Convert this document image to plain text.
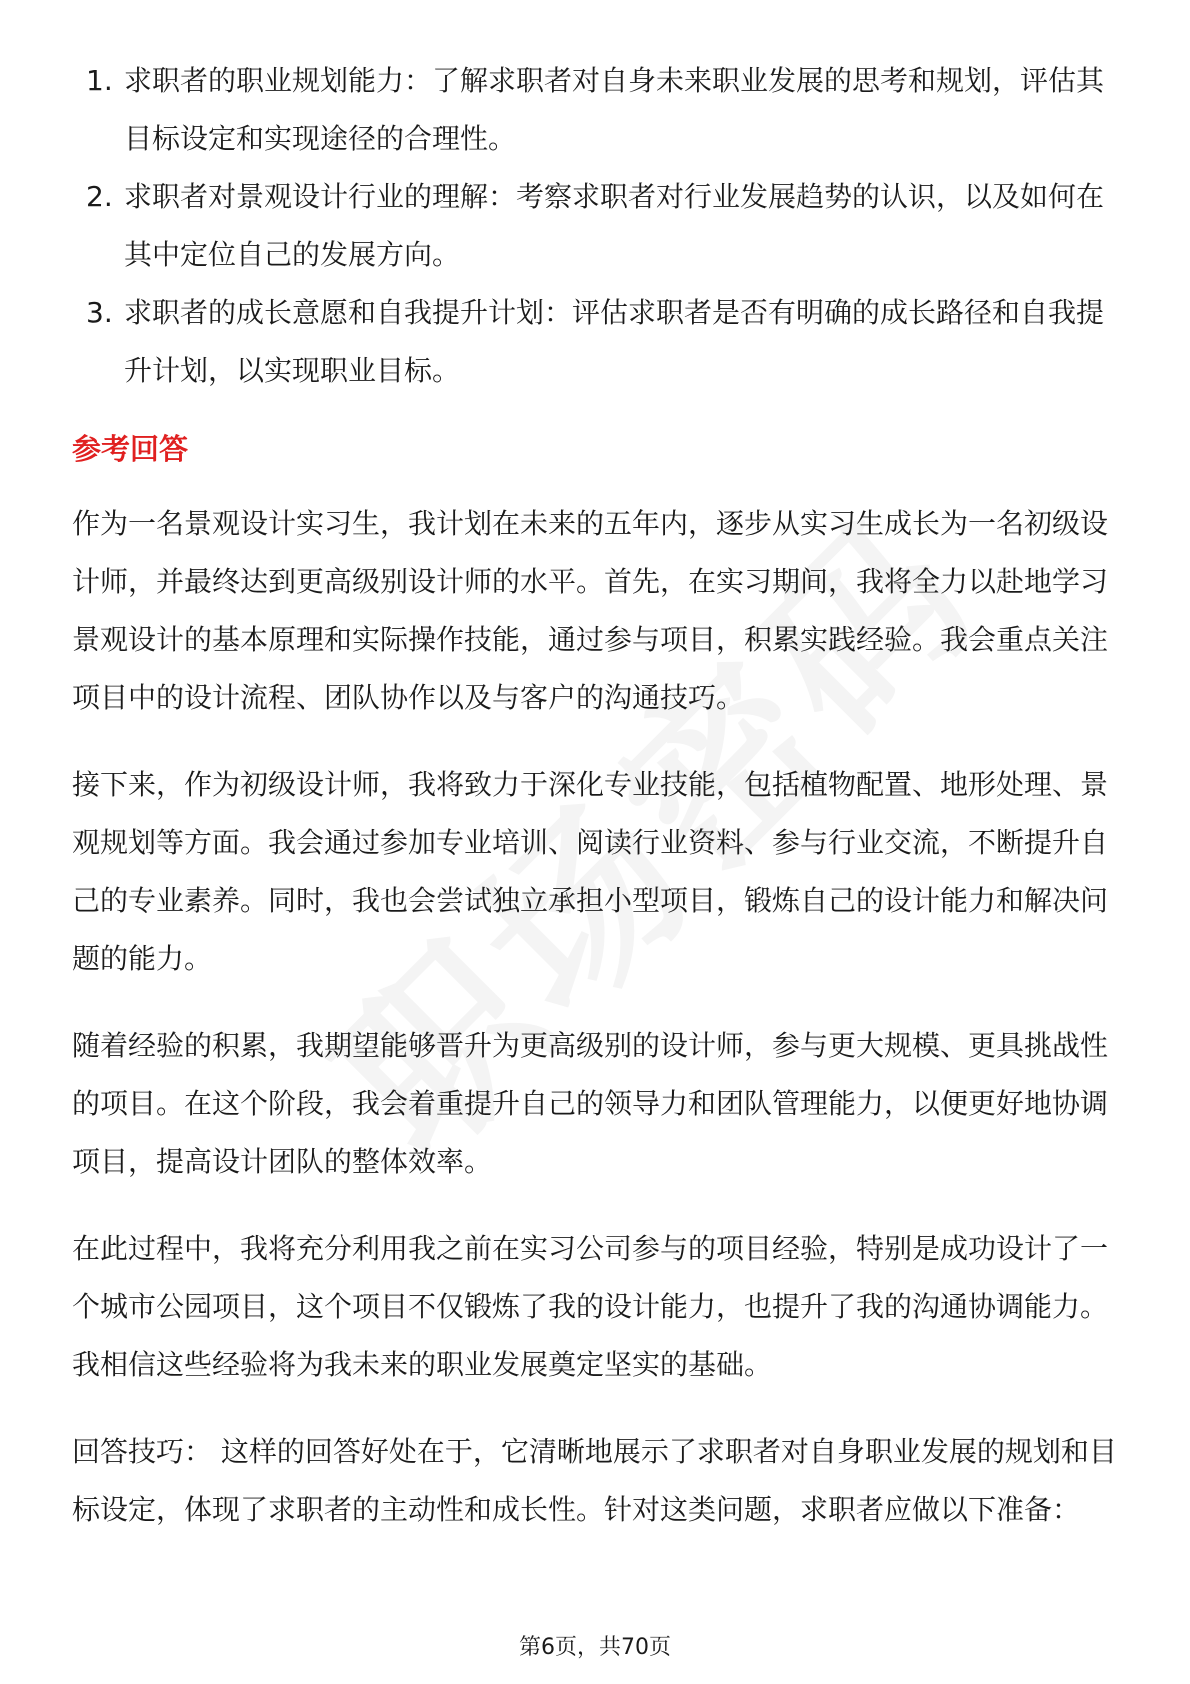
1. 求职者的职业规划能力：了解求职者对自身未来职业发展的思考和规划，评估其目标设定和实现途径的合理性。
2. 求职者对景观设计行业的理解：考察求职者对行业发展趋势的认识，以及如何在其中定位自己的发展方向。
3. 求职者的成长意愿和自我提升计划：评估求职者是否有明确的成长路径和自我提升计划，以实现职业目标。
参考回答

作为一名景观设计实习生，我计划在未来的五年内，逐步从实习生成长为一名初级设计师，并最终达到更高级别设计师的水平。首先，在实习期间，我将全力以赴地学习景观设计的基本原理和实际操作技能，通过参与项目，积累实践经验。我会重点关注项目中的设计流程、团队协作以及与客户的沟通技巧。

接下来，作为初级设计师，我将致力于深化专业技能，包括植物配置、地形处理、景观规划等方面。我会通过参加专业培训、阅读行业资料、参与行业交流，不断提升自己的专业素养。同时，我也会尝试独立承担小型项目，锻炼自己的设计能力和解决问题的能力。

随着经验的积累，我期望能够晋升为更高级别的设计师，参与更大规模、更具挑战性的项目。在这个阶段，我会着重提升自己的领导力和团队管理能力，以便更好地协调项目，提高设计团队的整体效率。

在此过程中，我将充分利用我之前在实习公司参与的项目经验，特别是成功设计了一个城市公园项目，这个项目不仅锻炼了我的设计能力，也提升了我的沟通协调能力。我相信这些经验将为我未来的职业发展奠定坚实的基础。

回答技巧： 这样的回答好处在于，它清晰地展示了求职者对自身职业发展的规划和目标设定，体现了求职者的主动性和成长性。针对这类问题，求职者应做以下准备：

第6页，共70页
